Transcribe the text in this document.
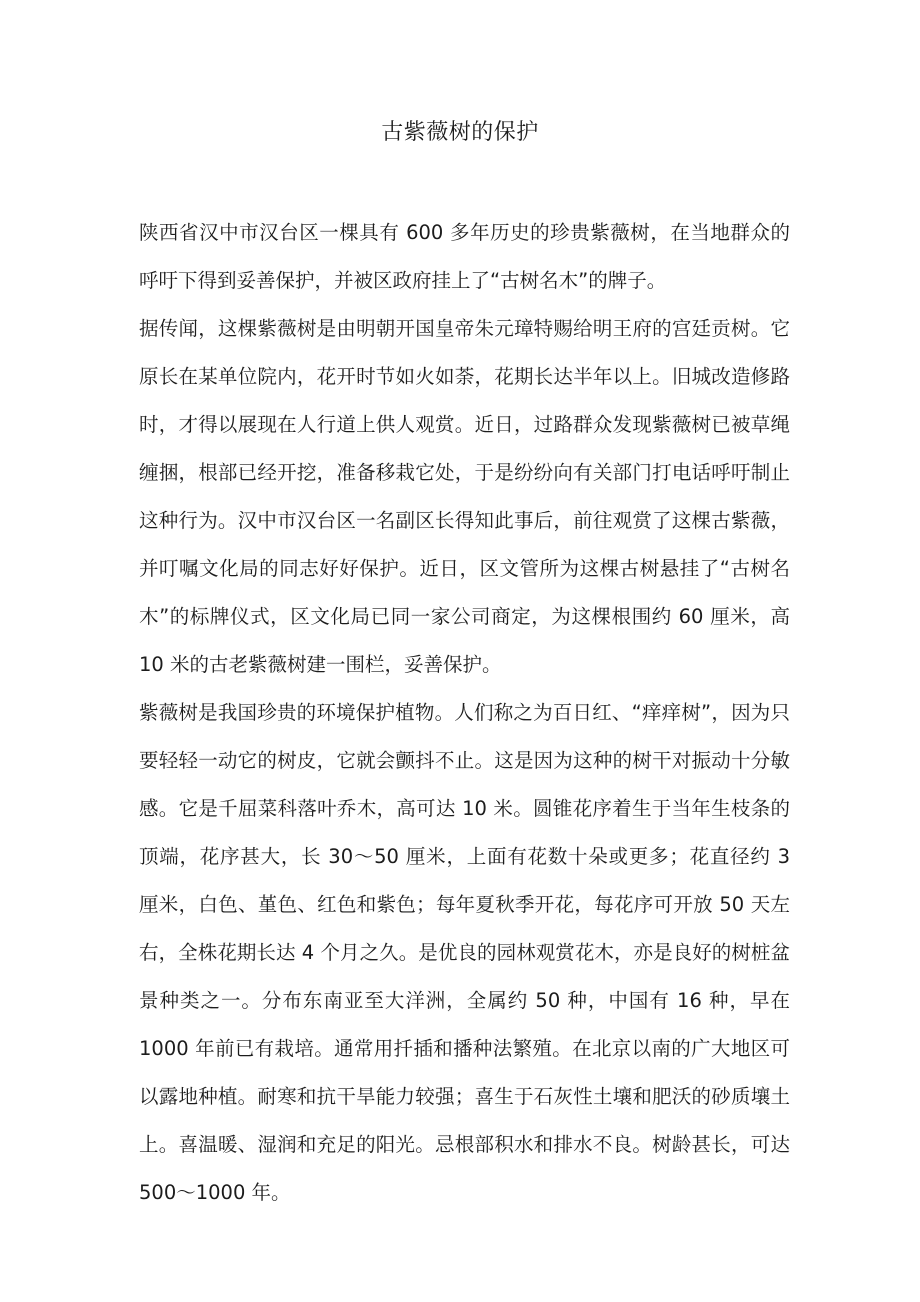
古紫薇树的保护

陕西省汉中市汉台区一棵具有 600 多年历史的珍贵紫薇树，在当地群众的呼吁下得到妥善保护，并被区政府挂上了“古树名木”的牌子。

据传闻，这棵紫薇树是由明朝开国皇帝朱元璋特赐给明王府的宫廷贡树。它原长在某单位院内，花开时节如火如荼，花期长达半年以上。旧城改造修路时，才得以展现在人行道上供人观赏。近日，过路群众发现紫薇树已被草绳缠捆，根部已经开挖，准备移栽它处，于是纷纷向有关部门打电话呼吁制止这种行为。汉中市汉台区一名副区长得知此事后，前往观赏了这棵古紫薇，并叮嘱文化局的同志好好保护。近日，区文管所为这棵古树悬挂了“古树名木”的标牌仪式，区文化局已同一家公司商定，为这棵根围约 60 厘米，高 10 米的古老紫薇树建一围栏，妥善保护。

紫薇树是我国珍贵的环境保护植物。人们称之为百日红、“痒痒树”，因为只要轻轻一动它的树皮，它就会颤抖不止。这是因为这种的树干对振动十分敏感。它是千屈菜科落叶乔木，高可达 10 米。圆锥花序着生于当年生枝条的顶端，花序甚大，长 30～50 厘米，上面有花数十朵或更多；花直径约 3 厘米，白色、堇色、红色和紫色；每年夏秋季开花，每花序可开放 50 天左右，全株花期长达 4 个月之久。是优良的园林观赏花木，亦是良好的树桩盆景种类之一。分布东南亚至大洋洲，全属约 50 种，中国有 16 种，早在 1000 年前已有栽培。通常用扦插和播种法繁殖。在北京以南的广大地区可以露地种植。耐寒和抗干旱能力较强；喜生于石灰性土壤和肥沃的砂质壤土上。喜温暖、湿润和充足的阳光。忌根部积水和排水不良。树龄甚长，可达 500～1000 年。
